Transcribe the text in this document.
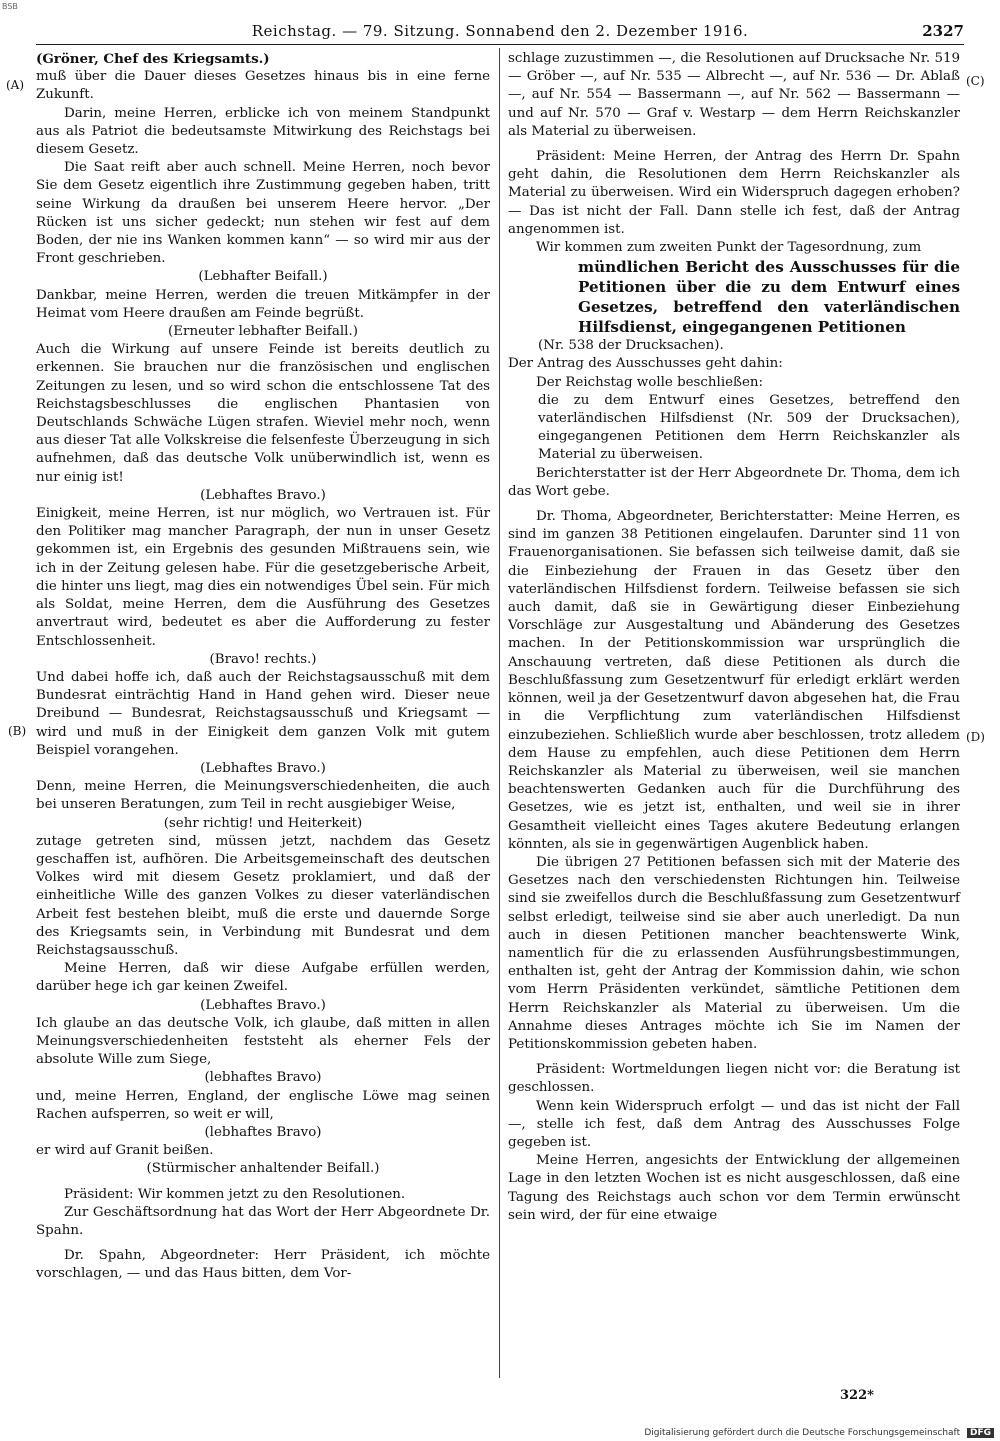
BSB
Reichstag. — 79. Sitzung. Sonnabend den 2. Dezember 1916.	2327
(A)
(B)
(C)
(D)

(Gröner, Chef des Kriegsamts.)

muß über die Dauer dieses Gesetzes hinaus bis in eine ferne Zukunft.

Darin, meine Herren, erblicke ich von meinem Standpunkt aus als Patriot die bedeutsamste Mitwirkung des Reichstags bei diesem Gesetz.

Die Saat reift aber auch schnell. Meine Herren, noch bevor Sie dem Gesetz eigentlich ihre Zustimmung gegeben haben, tritt seine Wirkung da draußen bei unserem Heere hervor. „Der Rücken ist uns sicher gedeckt; nun stehen wir fest auf dem Boden, der nie ins Wanken kommen kann“ — so wird mir aus der Front geschrieben.

(Lebhafter Beifall.)

Dankbar, meine Herren, werden die treuen Mitkämpfer in der Heimat vom Heere draußen am Feinde begrüßt.

(Erneuter lebhafter Beifall.)

Auch die Wirkung auf unsere Feinde ist bereits deutlich zu erkennen. Sie brauchen nur die französischen und englischen Zeitungen zu lesen, und so wird schon die entschlossene Tat des Reichstagsbeschlusses die englischen Phantasien von Deutschlands Schwäche Lügen strafen. Wieviel mehr noch, wenn aus dieser Tat alle Volkskreise die felsenfeste Überzeugung in sich aufnehmen, daß das deutsche Volk unüberwindlich ist, wenn es nur einig ist!

(Lebhaftes Bravo.)

Einigkeit, meine Herren, ist nur möglich, wo Vertrauen ist. Für den Politiker mag mancher Paragraph, der nun in unser Gesetz gekommen ist, ein Ergebnis des gesunden Mißtrauens sein, wie ich in der Zeitung gelesen habe. Für die gesetzgeberische Arbeit, die hinter uns liegt, mag dies ein notwendiges Übel sein. Für mich als Soldat, meine Herren, dem die Ausführung des Gesetzes anvertraut wird, bedeutet es aber die Aufforderung zu fester Entschlossenheit.

(Bravo! rechts.)

Und dabei hoffe ich, daß auch der Reichstagsausschuß mit dem Bundesrat einträchtig Hand in Hand gehen wird. Dieser neue Dreibund — Bundesrat, Reichstagsausschuß und Kriegsamt — wird und muß in der Einigkeit dem ganzen Volk mit gutem Beispiel vorangehen.

(Lebhaftes Bravo.)

Denn, meine Herren, die Meinungsverschiedenheiten, die auch bei unseren Beratungen, zum Teil in recht ausgiebiger Weise,

(sehr richtig! und Heiterkeit)

zutage getreten sind, müssen jetzt, nachdem das Gesetz geschaffen ist, aufhören. Die Arbeitsgemeinschaft des deutschen Volkes wird mit diesem Gesetz proklamiert, und daß der einheitliche Wille des ganzen Volkes zu dieser vaterländischen Arbeit fest bestehen bleibt, muß die erste und dauernde Sorge des Kriegsamts sein, in Verbindung mit Bundesrat und dem Reichstagsausschuß.

Meine Herren, daß wir diese Aufgabe erfüllen werden, darüber hege ich gar keinen Zweifel.

(Lebhaftes Bravo.)

Ich glaube an das deutsche Volk, ich glaube, daß mitten in allen Meinungsverschiedenheiten feststeht als eherner Fels der absolute Wille zum Siege,

(lebhaftes Bravo)

und, meine Herren, England, der englische Löwe mag seinen Rachen aufsperren, so weit er will,

(lebhaftes Bravo)

er wird auf Granit beißen.

(Stürmischer anhaltender Beifall.)

Präsident: Wir kommen jetzt zu den Resolutionen.

Zur Geschäftsordnung hat das Wort der Herr Abgeordnete Dr. Spahn.

Dr. Spahn, Abgeordneter: Herr Präsident, ich möchte vorschlagen, — und das Haus bitten, dem Vor-

schlage zuzustimmen —, die Resolutionen auf Drucksache Nr. 519 — Gröber —, auf Nr. 535 — Albrecht —, auf Nr. 536 — Dr. Ablaß —, auf Nr. 554 — Bassermann —, auf Nr. 562 — Bassermann — und auf Nr. 570 — Graf v. Westarp — dem Herrn Reichskanzler als Material zu überweisen.

Präsident: Meine Herren, der Antrag des Herrn Dr. Spahn geht dahin, die Resolutionen dem Herrn Reichskanzler als Material zu überweisen. Wird ein Widerspruch dagegen erhoben? — Das ist nicht der Fall. Dann stelle ich fest, daß der Antrag angenommen ist.

Wir kommen zum zweiten Punkt der Tagesordnung, zum

mündlichen Bericht des Ausschusses für die Petitionen über die zu dem Entwurf eines Gesetzes, betreffend den vaterländischen Hilfsdienst, eingegangenen Petitionen

(Nr. 538 der Drucksachen).

Der Antrag des Ausschusses geht dahin:

Der Reichstag wolle beschließen:

die zu dem Entwurf eines Gesetzes, betreffend den vaterländischen Hilfsdienst (Nr. 509 der Drucksachen), eingegangenen Petitionen dem Herrn Reichskanzler als Material zu überweisen.

Berichterstatter ist der Herr Abgeordnete Dr. Thoma, dem ich das Wort gebe.

Dr. Thoma, Abgeordneter, Berichterstatter: Meine Herren, es sind im ganzen 38 Petitionen eingelaufen. Darunter sind 11 von Frauenorganisationen. Sie befassen sich teilweise damit, daß sie die Einbeziehung der Frauen in das Gesetz über den vaterländischen Hilfsdienst fordern. Teilweise befassen sie sich auch damit, daß sie in Gewärtigung dieser Einbeziehung Vorschläge zur Ausgestaltung und Abänderung des Gesetzes machen. In der Petitionskommission war ursprünglich die Anschauung vertreten, daß diese Petitionen als durch die Beschlußfassung zum Gesetzentwurf für erledigt erklärt werden können, weil ja der Gesetzentwurf davon abgesehen hat, die Frau in die Verpflichtung zum vaterländischen Hilfsdienst einzubeziehen. Schließlich wurde aber beschlossen, trotz alledem dem Hause zu empfehlen, auch diese Petitionen dem Herrn Reichskanzler als Material zu überweisen, weil sie manchen beachtenswerten Gedanken auch für die Durchführung des Gesetzes, wie es jetzt ist, enthalten, und weil sie in ihrer Gesamtheit vielleicht eines Tages akutere Bedeutung erlangen könnten, als sie in gegenwärtigen Augenblick haben.

Die übrigen 27 Petitionen befassen sich mit der Materie des Gesetzes nach den verschiedensten Richtungen hin. Teilweise sind sie zweifellos durch die Beschlußfassung zum Gesetzentwurf selbst erledigt, teilweise sind sie aber auch unerledigt. Da nun auch in diesen Petitionen mancher beachtenswerte Wink, namentlich für die zu erlassenden Ausführungsbestimmungen, enthalten ist, geht der Antrag der Kommission dahin, wie schon vom Herrn Präsidenten verkündet, sämtliche Petitionen dem Herrn Reichskanzler als Material zu überweisen. Um die Annahme dieses Antrages möchte ich Sie im Namen der Petitionskommission gebeten haben.

Präsident: Wortmeldungen liegen nicht vor: die Beratung ist geschlossen.

Wenn kein Widerspruch erfolgt — und das ist nicht der Fall —, stelle ich fest, daß dem Antrag des Ausschusses Folge gegeben ist.

Meine Herren, angesichts der Entwicklung der allgemeinen Lage in den letzten Wochen ist es nicht ausgeschlossen, daß eine Tagung des Reichstags auch schon vor dem Termin erwünscht sein wird, der für eine etwaige

322*
Digitalisierung gefördert durch die Deutsche Forschungsgemeinschaft DFG
